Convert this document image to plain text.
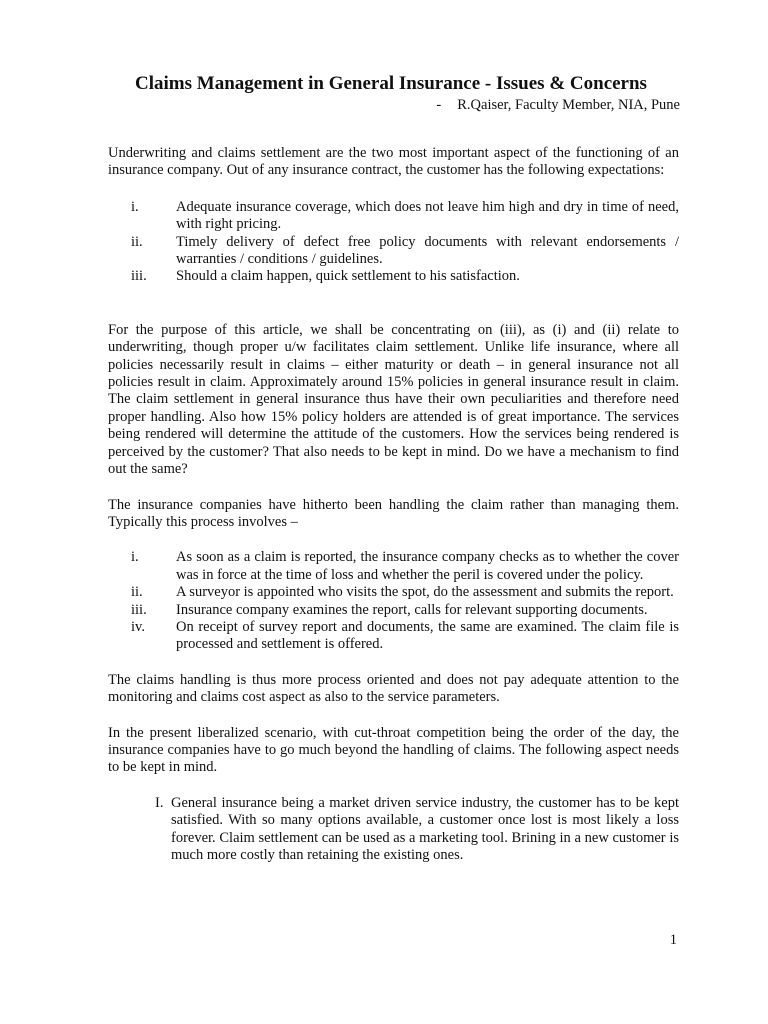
Claims Management in General Insurance - Issues & Concerns
- R.Qaiser, Faculty Member, NIA, Pune

Underwriting and claims settlement are the two most important aspect of the functioning of an insurance company. Out of any insurance contract, the customer has the following expectations:

i.	Adequate insurance coverage, which does not leave him high and dry in time of need, with right pricing.
ii. Timely delivery of defect free policy documents with relevant endorsements / warranties / conditions / guidelines.
iii. Should a claim happen, quick settlement to his satisfaction.

For the purpose of this article, we shall be concentrating on (iii), as (i) and (ii) relate to underwriting, though proper u/w facilitates claim settlement. Unlike life insurance, where all policies necessarily result in claims – either maturity or death – in general insurance not all policies result in claim. Approximately around 15% policies in general insurance result in claim. The claim settlement in general insurance thus have their own peculiarities and therefore need proper handling. Also how 15% policy holders are attended is of great importance. The services being rendered will determine the attitude of the customers. How the services being rendered is perceived by the customer? That also needs to be kept in mind. Do we have a mechanism to find out the same?

The insurance companies have hitherto been handling the claim rather than managing them. Typically this process involves –

i.	As soon as a claim is reported, the insurance company checks as to whether the cover was in force at the time of loss and whether the peril is covered under the policy.
ii. A surveyor is appointed who visits the spot, do the assessment and submits the report.
iii. Insurance company examines the report, calls for relevant supporting documents.
iv. On receipt of survey report and documents, the same are examined. The claim file is processed and settlement is offered.

The claims handling is thus more process oriented and does not pay adequate attention to the monitoring and claims cost aspect as also to the service parameters.

In the present liberalized scenario, with cut-throat competition being the order of the day, the insurance companies have to go much beyond the handling of claims. The following aspect needs to be kept in mind.

I. General insurance being a market driven service industry, the customer has to be kept satisfied. With so many options available, a customer once lost is most likely a loss forever. Claim settlement can be used as a marketing tool. Brining in a new customer is much more costly than retaining the existing ones.
1
